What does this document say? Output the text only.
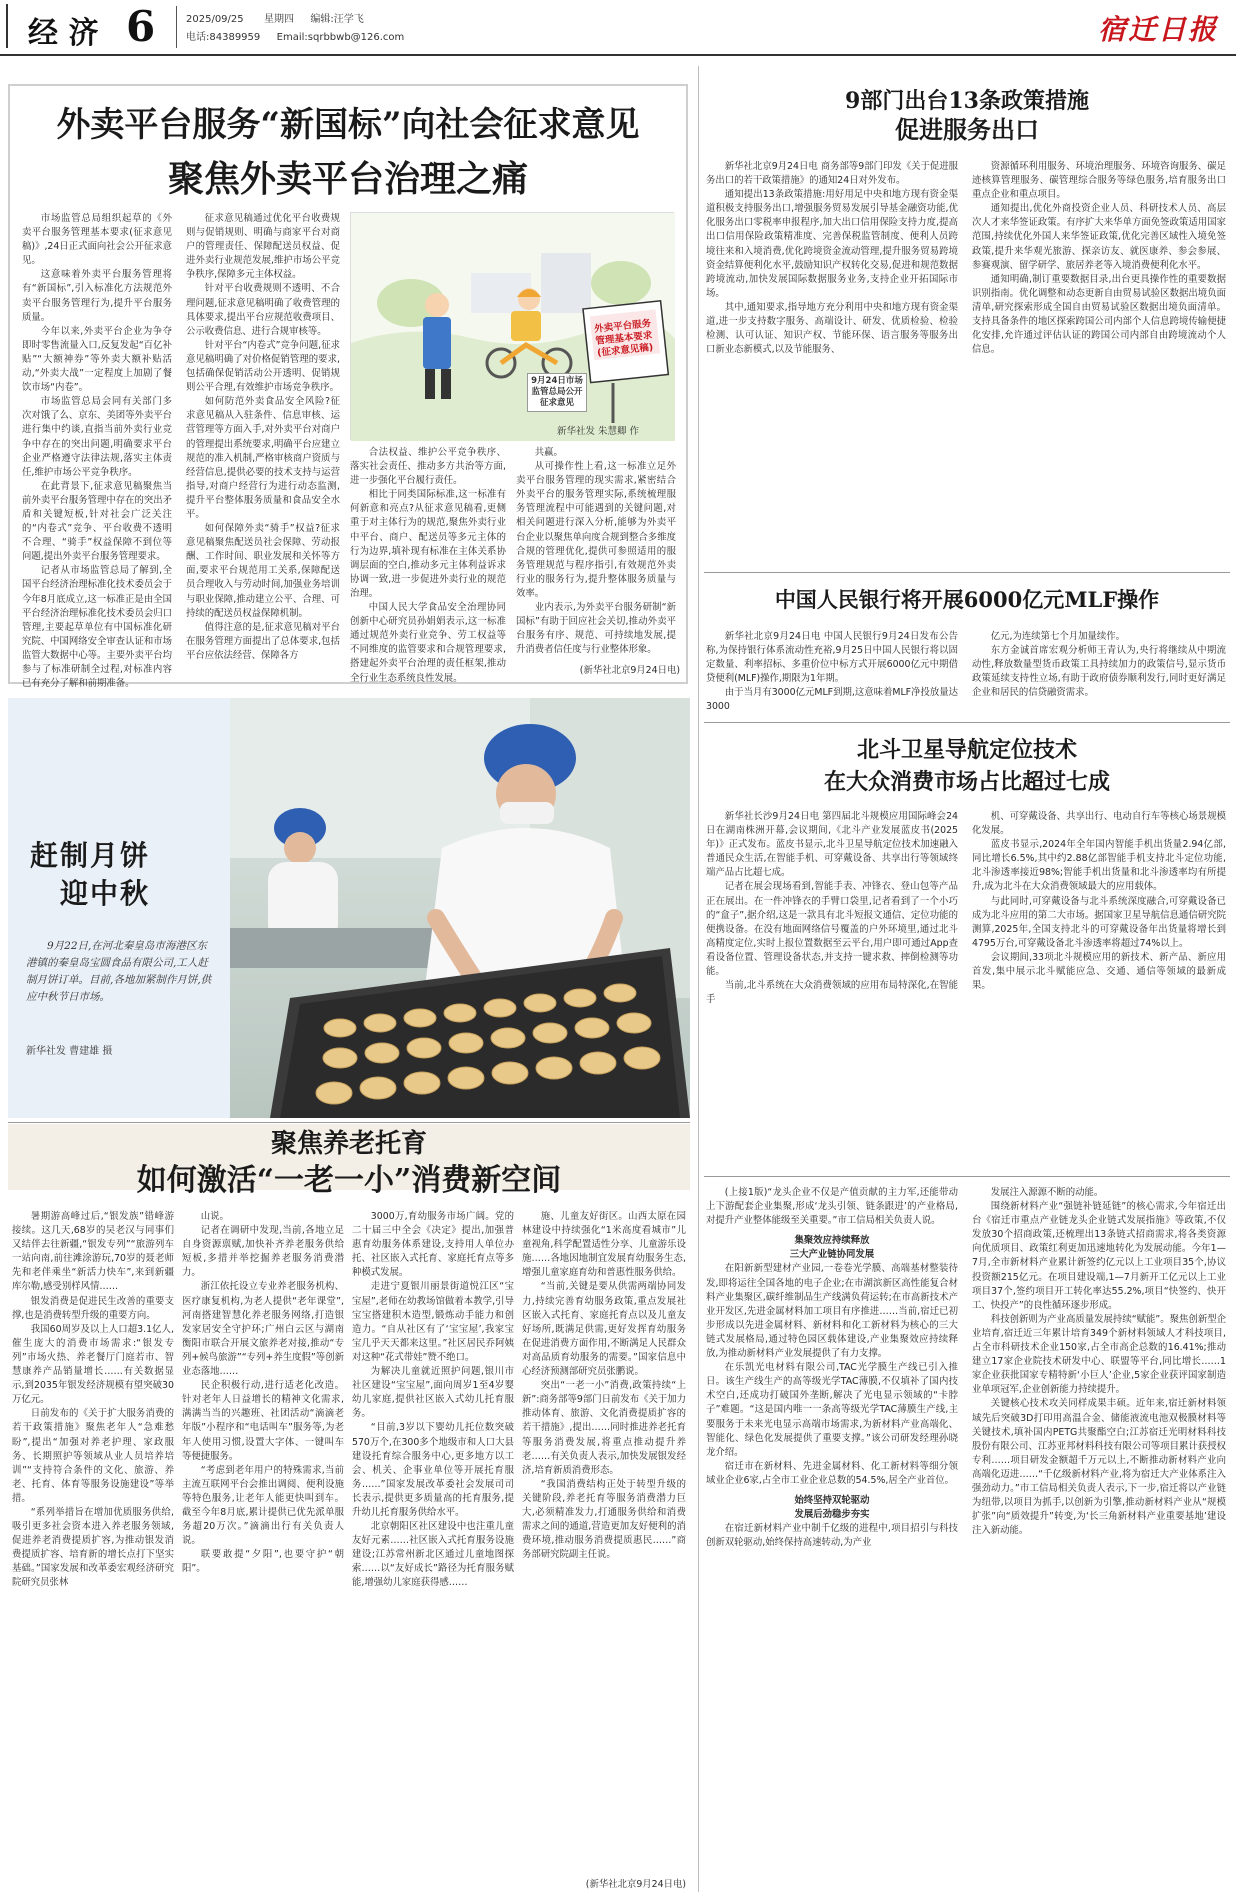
经 济 6	2025/09/25 星期四 编辑:汪学飞
电话:84389959 Email:sqrbbwb@126.com	宿迁日报
外卖平台服务“新国标”向社会征求意见
聚焦外卖平台治理之痛
外卖平台服务管理基本要求(征求意见稿)
9月24日市场监管总局公开征求意见
新华社发 朱慧卿 作

市场监管总局组织起草的《外卖平台服务管理基本要求(征求意见稿)》,24日正式面向社会公开征求意见。

这意味着外卖平台服务管理将有“新国标”,引入标准化方法规范外卖平台服务管理行为,提升平台服务质量。

今年以来,外卖平台企业为争夺即时零售流量入口,反复发起“百亿补贴”“大额神券”等外卖大额补贴活动,“外卖大战”一定程度上加剧了餐饮市场“内卷”。

市场监管总局会同有关部门多次对饿了么、京东、美团等外卖平台进行集中约谈,直指当前外卖行业竞争中存在的突出问题,明确要求平台企业严格遵守法律法规,落实主体责任,维护市场公平竞争秩序。

在此背景下,征求意见稿聚焦当前外卖平台服务管理中存在的突出矛盾和关键短板,针对社会广泛关注的“内卷式”竞争、平台收费不透明不合理、“骑手”权益保障不到位等问题,提出外卖平台服务管理要求。

记者从市场监管总局了解到,全国平台经济治理标准化技术委员会于今年8月底成立,这一标准正是由全国平台经济治理标准化技术委员会归口管理,主要起草单位有中国标准化研究院、中国网络安全审查认证和市场监管大数据中心等。主要外卖平台均参与了标准研制全过程,对标准内容已有充分了解和前期准备。

征求意见稿通过优化平台收费规则与促销规则、明确与商家平台对商户的管理责任、保障配送员权益、促进外卖行业规范发展,维护市场公平竞争秩序,保障多元主体权益。

针对平台收费规则不透明、不合理问题,征求意见稿明确了收费管理的具体要求,提出平台应规范收费项目、公示收费信息、进行合规审核等。

针对平台“内卷式”竞争问题,征求意见稿明确了对价格促销管理的要求,包括确保促销活动公开透明、促销规则公平合理,有效维护市场竞争秩序。

如何防范外卖食品安全风险?征求意见稿从入驻条件、信息审核、运营管理等方面入手,对外卖平台对商户的管理提出系统要求,明确平台应建立规范的准入机制,严格审核商户资质与经营信息,提供必要的技术支持与运营指导,对商户经营行为进行动态监测,提升平台整体服务质量和食品安全水平。

如何保障外卖“骑手”权益?征求意见稿聚焦配送员社会保障、劳动报酬、工作时间、职业发展和关怀等方面,要求平台规范用工关系,保障配送员合理收入与劳动时间,加强业务培训与职业保障,推动建立公平、合理、可持续的配送员权益保障机制。

值得注意的是,征求意见稿对平台在服务管理方面提出了总体要求,包括平台应依法经营、保障各方

合法权益、维护公平竞争秩序、落实社会责任、推动多方共治等方面,进一步强化平台履行责任。

相比于同类国际标准,这一标准有何新意和亮点?从征求意见稿看,更侧重于对主体行为的规范,聚焦外卖行业中平台、商户、配送员等多元主体的行为边界,填补现有标准在主体关系协调层面的空白,推动多元主体利益诉求协调一致,进一步促进外卖行业的规范治理。

中国人民大学食品安全治理协同创新中心研究员孙娟娟表示,这一标准通过规范外卖行业竞争、劳工权益等不同维度的监管要求和合规管理要求,搭建起外卖平台治理的责任框架,推动全行业生态系统良性发展。

共赢。

从可操作性上看,这一标准立足外卖平台服务管理的现实需求,紧密结合外卖平台的服务管理实际,系统梳理服务管理流程中可能遇到的关键问题,对相关问题进行深入分析,能够为外卖平台企业以聚焦单向度合规到整合多维度合规的管理优化,提供可参照适用的服务管理规范与程序指引,有效规范外卖行业的服务行为,提升整体服务质量与效率。

业内表示,为外卖平台服务研制“新国标”有助于回应社会关切,推动外卖平台服务有序、规范、可持续地发展,提升消费者信任度与行业整体形象。

(新华社北京9月24日电)
赶制月饼
迎中秋
9月22日,在河北秦皇岛市海港区东港镇的秦皇岛宝圆食品有限公司,工人赶制月饼订单。目前,各地加紧制作月饼,供应中秋节日市场。
新华社发 曹建雄 摄
聚焦养老托育
如何激活“一老一小”消费新空间

暑期游高峰过后,“银发族”错峰游接续。这几天,68岁的吴老汉与同事们又结伴去往新疆,“银发专列”“旅游列车一站向南,前往滩涂游玩,70岁的聂老师先和老伴乘坐“新活力快车”,来到新疆库尔勒,感受别样风情……

银发消费是促进民生改善的重要支撑,也是消费转型升级的重要方向。

我国60周岁及以上人口超3.1亿人,催生庞大的消费市场需求:“银发专列”市场火热、养老餐厅门庭若市、智慧康养产品销量增长……有关数据显示,到2035年银发经济规模有望突破30万亿元。

日前发布的《关于扩大服务消费的若干政策措施》聚焦老年人“急难愁盼”,提出“加强对养老护理、家政服务、长期照护等领域从业人员培养培训”“支持符合条件的文化、旅游、养老、托育、体育等服务设施建设”等举措。

“系列举措旨在增加优质服务供给,吸引更多社会资本进入养老服务领域,促进养老消费提质扩容,为推动银发消费提质扩容、培育新的增长点打下坚实基础。”国家发展和改革委宏观经济研究院研究员张林

山说。

记者在调研中发现,当前,各地立足自身资源禀赋,加快补齐养老服务供给短板,多措并举挖掘养老服务消费潜力。

浙江依托设立专业养老服务机构、医疗康复机构,为老人提供“老年课堂”,河南搭建智慧化养老服务网络,打造银发家居安全守护环;广州白云区与湖南衡阳市联合开展文旅养老对接,推动“专列+候鸟旅游”“专列+养生度假”等创新业态落地……

民企积极行动,进行适老化改造。针对老年人日益增长的精神文化需求,满满当当的兴趣班、社团活动“滴滴老年版”小程序和“电话叫车”服务等,为老年人使用习惯,设置大字体、一键叫车等便捷服务。

“考虑到老年用户的特殊需求,当前主流互联网平台会推出调阅、便利设施等特色服务,让老年人能更快叫到车。截至今年8月底,累计提供已优先派单服务超20万次。”滴滴出行有关负责人说。

联要敢提“夕阳”,也要守护“朝阳”。

3000万,育幼服务市场广阔。党的二十届三中全会《决定》提出,加强普惠育幼服务体系建设,支持用人单位办托、社区嵌入式托育、家庭托育点等多种模式发展。

走进宁夏银川丽景街道悦江区“宝宝屋”,老师在幼教场馆做着本教学,引导宝宝搭建积木造型,锻炼动手能力和创造力。“自从社区有了‘宝宝屋’,我家宝宝几乎天天都来这里。”社区居民乔阿姨对这种“花式带娃”赞不绝口。

为解决儿童就近照护问题,银川市社区建设“宝宝屋”,面向周岁1至4岁婴幼儿家庭,提供社区嵌入式幼儿托育服务。

“目前,3岁以下婴幼儿托位数突破570万个,在300多个地级市和人口大县建设托育综合服务中心,更多地方以工会、机关、企事业单位等开展托育服务……”国家发展改革委社会发展司司长表示,提供更多质量高的托育服务,提升幼儿托育服务供给水平。

北京朝阳区社区建设中也注重儿童友好元素……社区嵌入式托育服务设施建设;江苏常州新北区通过儿童地图探索……以“友好成长”路径为托育服务赋能,增强幼儿家庭获得感……

施、儿童友好街区。山西太原在园林建设中持续强化“1米高度看城市”儿童视角,科学配置适性分享、儿童游乐设施……各地因地制宜发展育幼服务生态,增强儿童家庭育幼和普惠性服务供给。

“当前,关键是要从供需两端协同发力,持续完善育幼服务政策,重点发展社区嵌入式托育、家庭托育点以及儿童友好场所,既满足供需,更好发挥育幼服务在促进消费方面作用,不断满足人民群众对高品质育幼服务的需要。”国家信息中心经济预测部研究员张鹏说。

突出“一老一小”消费,政策持续“上新”:商务部等9部门日前发布《关于加力推动体育、旅游、文化消费提质扩容的若干措施》,提出……同时推进养老托育等服务消费发展,将重点推动提升养老……有关负责人表示,加快发展银发经济,培育新质消费形态。

“我国消费结构正处于转型升级的关键阶段,养老托育等服务消费潜力巨大,必须精准发力,打通服务供给和消费需求之间的通道,营造更加友好便利的消费环境,推动服务消费提质惠民……”商务部研究院副主任说。

(新华社北京9月24日电)
9部门出台13条政策措施
促进服务出口

新华社北京9月24日电 商务部等9部门印发《关于促进服务出口的若干政策措施》的通知24日对外发布。

通知提出13条政策措施:用好用足中央和地方现有资金渠道积极支持服务出口,增强服务贸易发展引导基金融资功能,优化服务出口零税率申报程序,加大出口信用保险支持力度,提高出口信用保险政策精准度、完善保税监管制度、便利人员跨境往来和入境消费,优化跨境资金流动管理,提升服务贸易跨境资金结算便利化水平,鼓励知识产权转化交易,促进和规范数据跨境流动,加快发展国际数据服务业务,支持企业开拓国际市场。

其中,通知要求,指导地方充分利用中央和地方现有资金渠道,进一步支持数字服务、高端设计、研发、优质检验、检验检测、认可认证、知识产权、节能环保、语言服务等服务出口新业态新模式,以及节能服务、

资源循环利用服务、环境治理服务、环境咨询服务、碳足迹核算管理服务、碳管理综合服务等绿色服务,培育服务出口重点企业和重点项目。

通知提出,优化外商投资企业人员、科研技术人员、高层次人才来华签证政策。有序扩大来华单方面免签政策适用国家范围,持续优化外国人来华签证政策,优化完善区域性入境免签政策,提升来华观光旅游、探亲访友、就医康养、参会参展、参赛观演、留学研学、旅居养老等入境消费便利化水平。

通知明确,制订重要数据目录,出台更具操作性的重要数据识别指南。优化调整和动态更新自由贸易试验区数据出境负面清单,研究探索形成全国自由贸易试验区数据出境负面清单。支持具备条件的地区探索跨国公司内部个人信息跨境传输便捷化安排,允许通过评估认证的跨国公司内部自由跨境流动个人信息。

中国人民银行将开展6000亿元MLF操作

新华社北京9月24日电 中国人民银行9月24日发布公告称,为保持银行体系流动性充裕,9月25日中国人民银行将以固定数量、利率招标、多重价位中标方式开展6000亿元中期借贷便利(MLF)操作,期限为1年期。

由于当月有3000亿元MLF到期,这意味着MLF净投放量达3000

亿元,为连续第七个月加量续作。

东方金诚首席宏观分析师王青认为,央行将继续从中期流动性,释放数量型货币政策工具持续加力的政策信号,显示货币政策延续支持性立场,有助于政府债券顺利发行,同时更好满足企业和居民的信贷融资需求。

北斗卫星导航定位技术
在大众消费市场占比超过七成

新华社长沙9月24日电 第四届北斗规模应用国际峰会24日在湖南株洲开幕,会议期间,《北斗产业发展蓝皮书(2025年)》正式发布。蓝皮书显示,北斗卫星导航定位技术加速融入普通民众生活,在智能手机、可穿戴设备、共享出行等领域终端产品占比超七成。

记者在展会现场看到,智能手表、冲锋衣、登山包等产品正在展出。在一件冲锋衣的手臂口袋里,记者看到了一个小巧的“盒子”,据介绍,这是一款具有北斗短报文通信、定位功能的便携设备。在没有地面网络信号覆盖的户外环境里,通过北斗高精度定位,实时上报位置数据至云平台,用户即可通过App查看设备位置、管理设备状态,并支持一键求救、摔倒检测等功能。

当前,北斗系统在大众消费领域的应用布局特深化,在智能手

机、可穿戴设备、共享出行、电动自行车等核心场景规模化发展。

蓝皮书显示,2024年全年国内智能手机出货量2.94亿部,同比增长6.5%,其中约2.88亿部智能手机支持北斗定位功能,北斗渗透率接近98%;智能手机出货量和北斗渗透率均有所提升,成为北斗在大众消费领域最大的应用载体。

与此同时,可穿戴设备与北斗系统深度融合,可穿戴设备已成为北斗应用的第二大市场。据国家卫星导航信息通信研究院测算,2025年,全国支持北斗的可穿戴设备年出货量将增长到4795万台,可穿戴设备北斗渗透率将超过74%以上。

会议期间,33项北斗规模应用的新技术、新产品、新应用首发,集中展示北斗赋能应急、交通、通信等领域的最新成果。

(上接1版)“龙头企业不仅是产值贡献的主力军,还能带动上下游配套企业集聚,形成‘龙头引领、链条跟进’的产业格局,对提升产业整体能级至关重要。”市工信局相关负责人说。

集聚效应持续释放
三大产业链协同发展

在阳新新型建材产业园,一卷卷光学膜、高端基材整装待发,即将运往全国各地的电子企业;在市湖滨新区高性能复合材料产业集聚区,碳纤维制品生产线满负荷运转;在市高新技术产业开发区,先进金属材料加工项目有序推进……当前,宿迁已初步形成以先进金属材料、新材料和化工新材料为核心的三大链式发展格局,通过特色园区载体建设,产业集聚效应持续释放,为推动新材料产业发展提供了有力支撑。

在乐凯光电材料有限公司,TAC光学膜生产线已引入推日。该生产线生产的高等级光学TAC薄膜,不仅填补了国内技术空白,还成功打破国外垄断,解决了光电显示领域的“卡脖子”难题。“这是国内唯一一条高等级光学TAC薄膜生产线,主要服务于未来光电显示高端市场需求,为新材料产业高端化、智能化、绿色化发展提供了重要支撑。”该公司研发经理孙晓龙介绍。

宿迁市在新材料、先进金属材料、化工新材料等细分领域业企业6家,占全市工业企业总数的54.5%,居全产业首位。

始终坚持双轮驱动
发展后劲稳步夯实

在宿迁新材料产业中制千亿级的进程中,项目招引与科技创新双轮驱动,始终保持高速转动,为产业

发展注入源源不断的动能。

围绕新材料产业“强链补链延链”的核心需求,今年宿迁出台《宿迁市重点产业链龙头企业链式发展指施》等政策,不仅发放30个招商政策,还梳理出13条链式招商需求,将各类资源向优质项目、政策红利更加迅速地转化为发展动能。今年1—7月,全市新材料产业累计新签约亿元以上工业项目35个,协议投资额215亿元。在项目建设端,1—7月新开工亿元以上工业项目37个,签约项目开工转化率达55.2%,项目“快签约、快开工、快投产”的良性循环逐步形成。

科技创新则为产业高质量发展持续“赋能”。聚焦创新型企业培育,宿迁近三年累计培育349个新材料领域人才科技项目,占全市科研技术企业150家,占全市高企总数的16.41%;推动建立17家企业院技术研发中心、联盟等平台,同比增长……1家企业获批国家专精特新‘小巨人’企业,5家企业获评国家制造业单项冠军,企业创新能力持续提升。

关键核心技术攻关同样成果丰硕。近年来,宿迁新材料领域先后突破3D打印用高温合金、储能液流电池双极膜材料等关键技术,填补国内PETG共聚酯空白;江苏宿迁光明材料科技股份有限公司、江苏亚邦材料科技有限公司等项目累计获授权专利……项目研发金额超千万元以上,不断推动新材料产业向高端化迈进……“千亿级新材料产业,将为宿迁大产业体系注入强劲动力。”市工信局相关负责人表示,下一步,宿迁将以产业链为纽带,以项目为抓手,以创新为引擎,推动新材料产业从“规模扩张”向“质效提升”转变,为‘长三角新材料产业重要基地’建设注入新动能。
